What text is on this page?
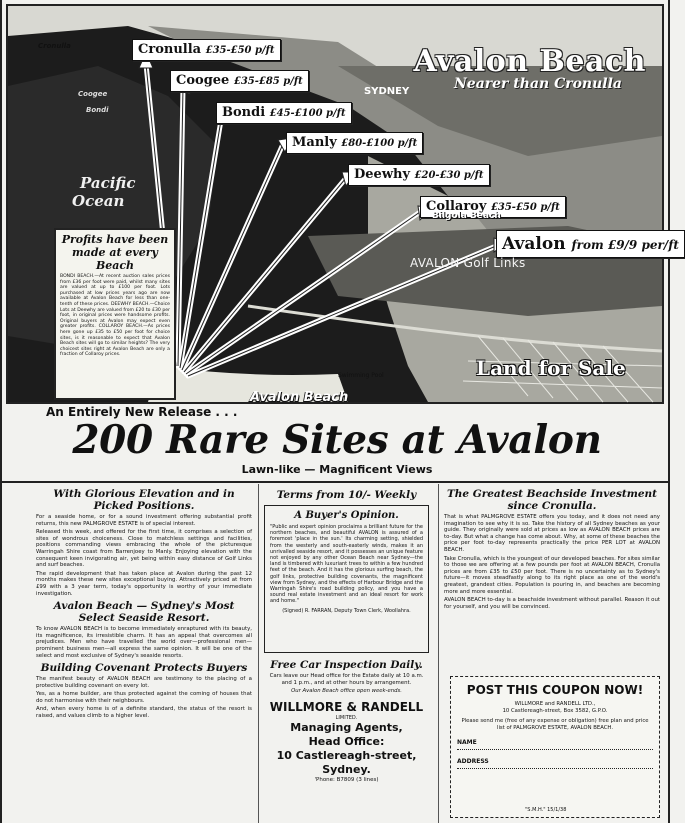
Cronulla
Coogee
Bondi
Pacific
Ocean
Avalon Beach
Nearer than Cronulla
SYDNEY
Cronulla £35-£50 p/ft
Coogee £35-£85 p/ft
Bondi £45-£100 p/ft
Manly £80-£100 p/ft
Deewhy £20-£30 p/ft
Collaroy £35-£50 p/ft
Avalon from £9/9 per/ft
Bilgola Beach
AVALON Golf Links
Land for Sale
Swimming Pool
Avalon Beach
Profits have been made at every Beach

BONDI BEACH.—At recent auction sales prices from £36 per foot were paid, whilst many sites are valued at up to £100 per foot. Lots purchased at low prices years ago are now available at Avalon Beach for less than one-tenth of these prices. DEEWHY BEACH.—Choice Lots at Deewhy are valued from £20 to £30 per foot, in original prices were handsome profits. Original buyers at Avalon may expect even greater profits. COLLAROY BEACH.—As prices here gone up £35 to £50 per foot for choice sites, is it reasonable to expect that Avalon Beach sites will go to similar heights? The very choicest sites right at Avalon Beach are only a fraction of Collaroy prices.

An Entirely New Release . . .
200 Rare Sites at Avalon
Lawn-like — Magnificent Views
With Glorious Elevation and in Picked Positions.

For a seaside home, or for a sound investment offering substantial profit returns, this new PALMGROVE ESTATE is of special interest.

Released this week, and offered for the first time, it comprises a selection of sites of wondrous choiceness. Close to matchless settings and facilities, positions commanding views embracing the whole of the picturesque Warringah Shire coast from Barrenjoey to Manly. Enjoying elevation with the consequent keen invigorating air, yet being within easy distance of Golf Links and surf beaches.

The rapid development that has taken place at Avalon during the past 12 months makes these new sites exceptional buying. Attractively priced at from £99 with a 3 year term, today's opportunity is worthy of your immediate investigation.

Avalon Beach — Sydney's Most Select Seaside Resort.

To know AVALON BEACH is to become immediately enraptured with its beauty, its magnificence, its irresistible charm. It has an appeal that overcomes all prejudices. Men who have travelled the world over—professional men—prominent business men—all express the same opinion. It will be one of the select and most exclusive of Sydney's seaside resorts.

Building Covenant Protects Buyers

The manifest beauty of AVALON BEACH are testimony to the placing of a protective building covenant on every lot.

Yes, as a home builder, are thus protected against the coming of houses that do not harmonise with their neighbours.

And, when every home is of a definite standard, the status of the resort is raised, and values climb to a higher level.

Terms from 10/- Weekly
A Buyer's Opinion.

"Public and expert opinion proclaims a brilliant future for the northern beaches, and beautiful AVALON is assured of a foremost 'place in the sun.' Its charming setting, shielded from the westerly and south-easterly winds, makes it an unrivalled seaside resort, and it possesses an unique feature not enjoyed by any other Ocean Beach near Sydney—the land is timbered with luxuriant trees to within a few hundred feet of the beach. And it has the glorious surfing beach, the golf links, protective building covenants, the magnificent view from Sydney, and the effects of Harbour Bridge and the Warringah Shire's road building policy, and you have a sound real estate investment and an ideal resort for work and home."

(Signed) R. FARRAN, Deputy Town Clerk, Woollahra.
Free Car Inspection Daily.

Cars leave our Head office for the Estate daily at 10 a.m. and 1 p.m., and at other hours by arrangement.

Our Avalon Beach office open week-ends.
WILLMORE & RANDELL
LIMITED.
Managing Agents,
Head Office:
10 Castlereagh-street, Sydney.
'Phone: B7809 (3 lines)
The Greatest Beachside Investment since Cronulla.

That is what PALMGROVE ESTATE offers you today, and it does not need any imagination to see why it is so. Take the history of all Sydney beaches as your guide. They originally were sold at prices as low as AVALON BEACH prices are to-day. But what a change has come about. Why, at some of these beaches the price per foot to-day represents practically the price PER LOT at AVALON BEACH.

Take Cronulla, which is the youngest of our developed beaches. For sites similar to those we are offering at a few pounds per foot at AVALON BEACH, Cronulla prices are from £35 to £50 per foot. There is no uncertainty as to Sydney's future—it moves steadfastly along to its right place as one of the world's greatest, grandest cities. Population is pouring in, and beaches are becoming more and more essential.

AVALON BEACH to-day is a beachside investment without parallel. Reason it out for yourself, and you will be convinced.

POST THIS COUPON NOW!

WILLMORE and RANDELL LTD.,
10 Castlereagh-street, Box 3582, G.P.O.

Please send me (free of any expense or obligation) free plan and price list of PALMGROVE ESTATE, AVALON BEACH.

NAME
ADDRESS
"S.M.H." 15/1/38
